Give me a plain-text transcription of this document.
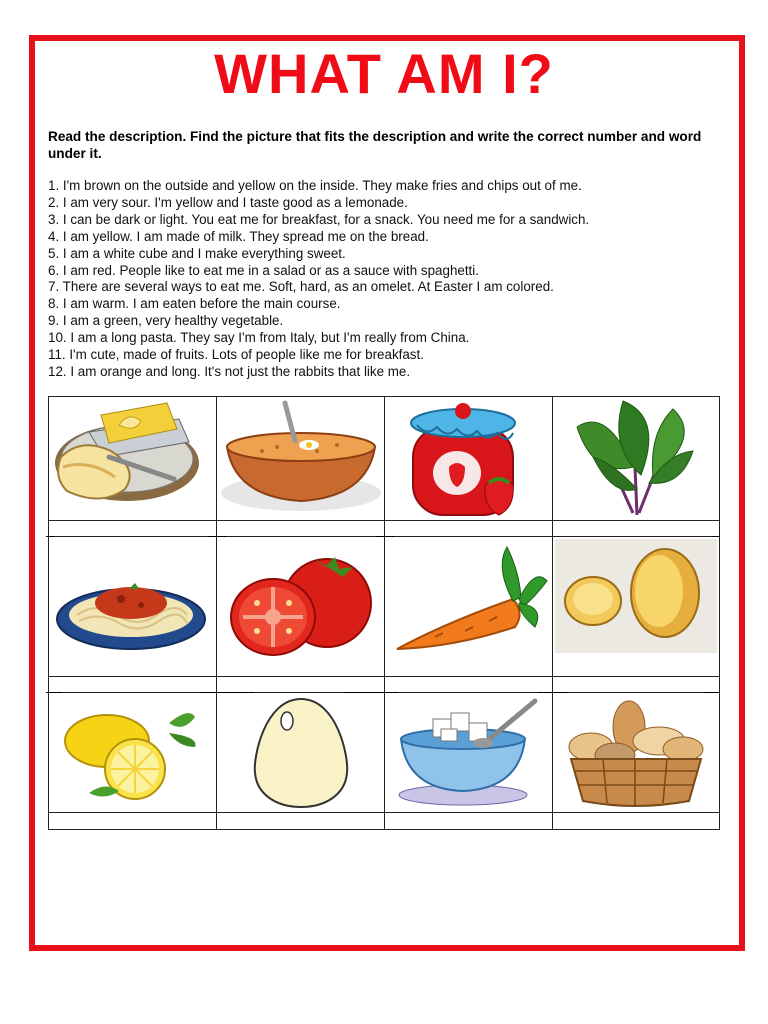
WHAT AM I?
Read the description. Find the picture that fits the description and write the correct number and word under it.
1. I'm brown on the outside and yellow on the inside. They make fries and chips out of me.
2. I am very sour. I'm yellow and I taste good as a lemonade.
3. I can be dark or light. You eat me for breakfast, for a snack. You need me for a sandwich.
4. I am yellow. I am made of milk. They spread me on the bread.
5. I am a white cube and I make everything sweet.
6. I am red. People like to eat me in a salad or as a sauce with spaghetti.
7. There are several ways to eat me. Soft, hard, as an omelet. At Easter I am colored.
8. I am warm. I am eaten before the main course.
9. I am a green, very healthy vegetable.
10. I am a long pasta. They say I'm from Italy, but I'm really from China.
11. I'm cute, made of fruits. Lots of people like me for breakfast.
12. I am orange and long. It's not just the rabbits that like me.
